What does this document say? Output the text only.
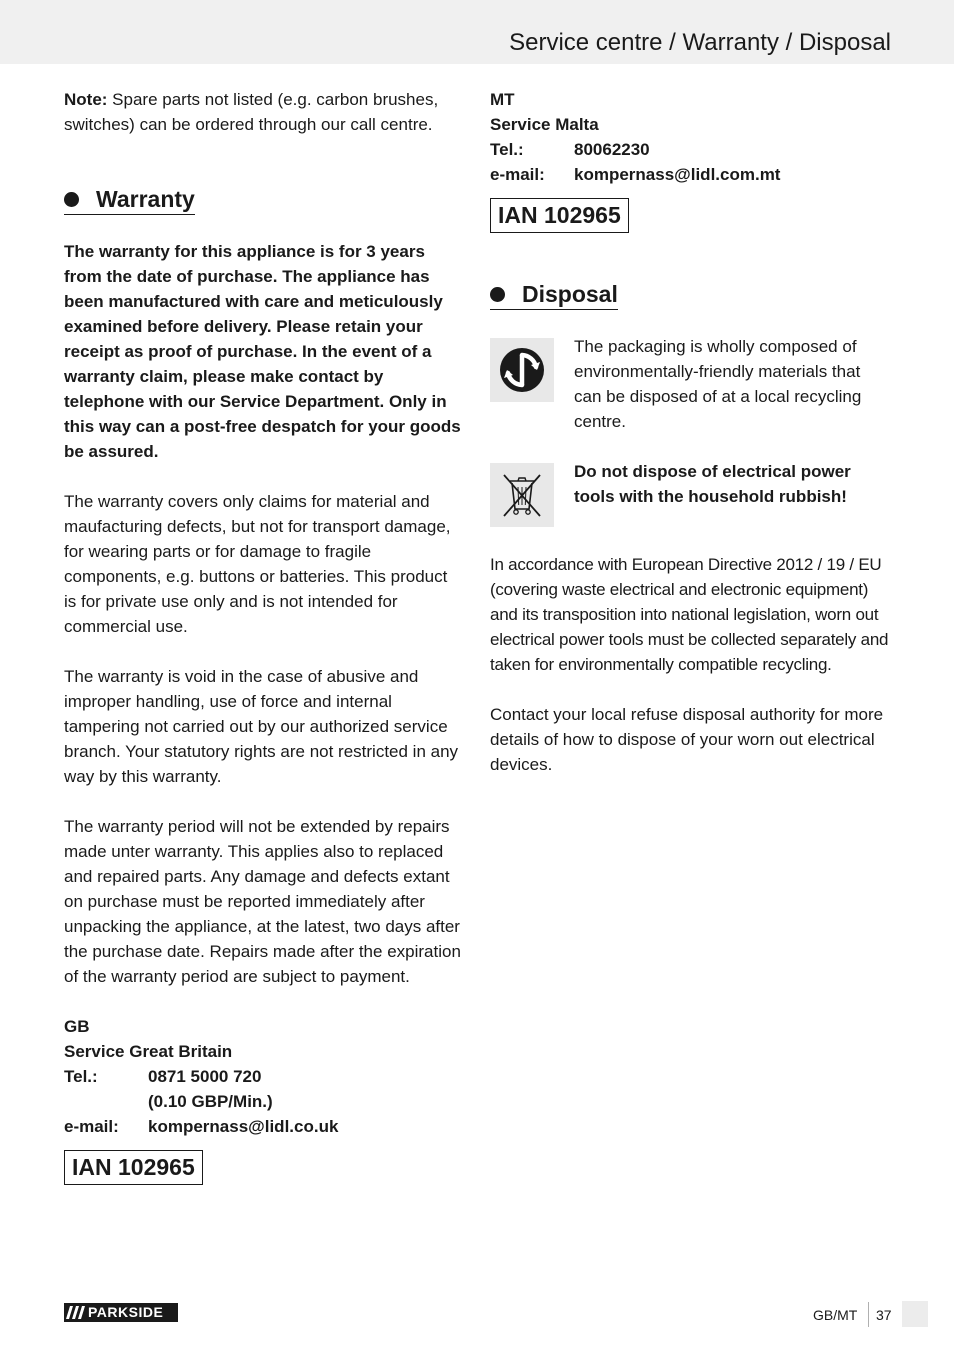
Service centre / Warranty / Disposal

Note: Spare parts not listed (e.g. carbon brushes, switches) can be ordered through our call centre.

Warranty

The warranty for this appliance is for 3 years from the date of purchase. The appliance has been manufactured with care and meticulously examined before delivery. Please retain your receipt as proof of purchase. In the event of a warranty claim, please make contact by telephone with our Service Department. Only in this way can a post-free despatch for your goods be assured.

The warranty covers only claims for material and maufacturing defects, but not for transport damage, for wearing parts or for damage to fragile components, e.g. buttons or batteries. This product is for private use only and is not intended for commercial use.

The warranty is void in the case of abusive and improper handling, use of force and internal tampering not carried out by our authorized service branch. Your statutory rights are not restricted in any way by this warranty.

The warranty period will not be extended by repairs made unter warranty. This applies also to replaced and repaired parts. Any damage and defects extant on purchase must be reported immediately after unpacking the appliance, at the latest, two days after the purchase date. Repairs made after the expiration of the warranty period are subject to payment.

GB
Service Great Britain
Tel.:	0871 5000 720
(0.10 GBP/Min.)
e-mail:	kompernass@lidl.co.uk
IAN 102965
MT
Service Malta
Tel.:	80062230
e-mail:	kompernass@lidl.com.mt
IAN 102965
Disposal

The packaging is wholly composed of environmentally-friendly materials that can be disposed of at a local recycling centre.

Do not dispose of electrical power tools with the household rubbish!

In accordance with European Directive 2012 / 19 / EU (covering waste electrical and electronic equipment) and its transposition into national legislation, worn out electrical power tools must be collected separately and taken for environmentally compatible recycling.

Contact your local refuse disposal authority for more details of how to dispose of your worn out electrical devices.

PARKSIDE	GB/MT 37
